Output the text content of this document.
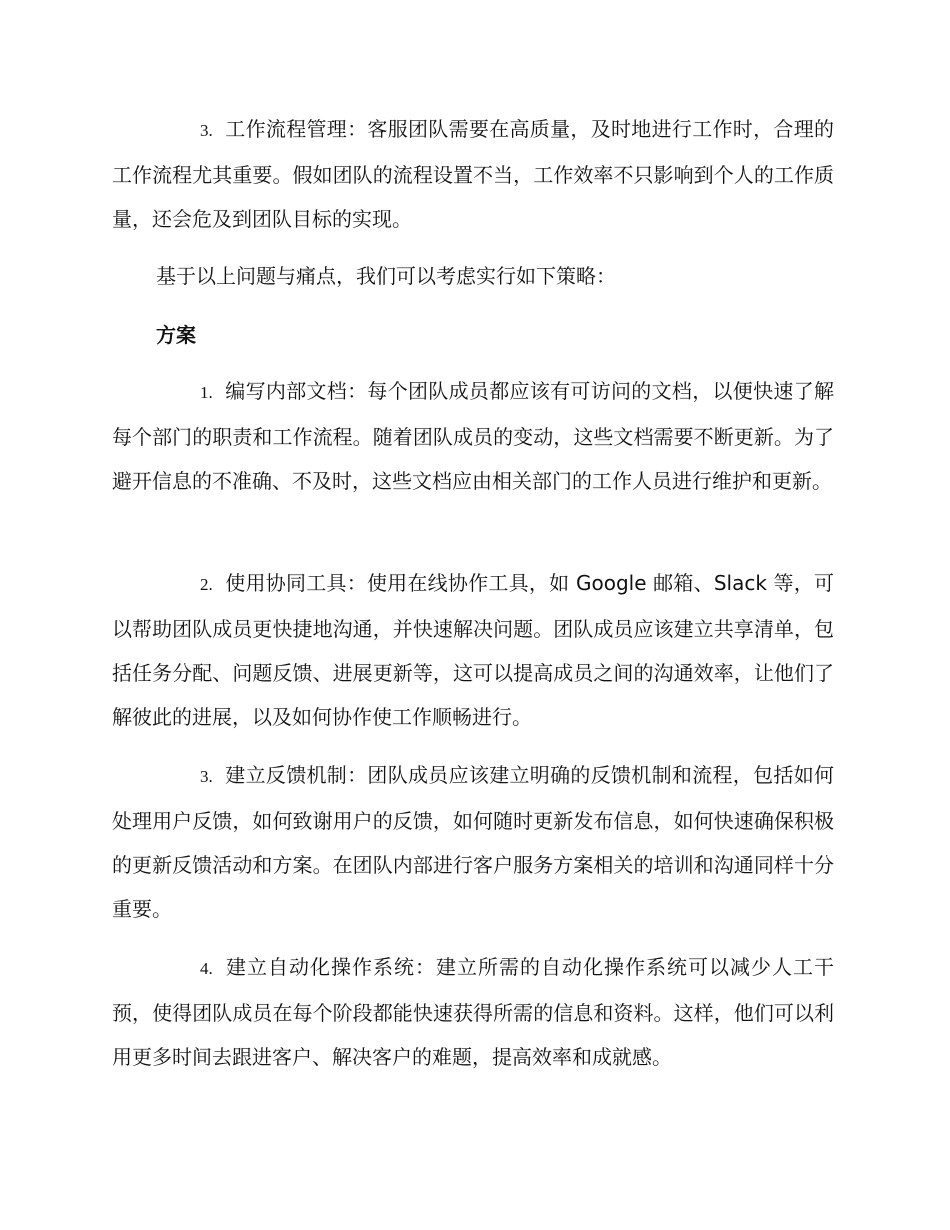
3. 工作流程管理：客服团队需要在高质量，及时地进行工作时，合理的工作流程尤其重要。假如团队的流程设置不当，工作效率不只影响到个人的工作质量，还会危及到团队目标的实现。

基于以上问题与痛点，我们可以考虑实行如下策略：

方案

1. 编写内部文档：每个团队成员都应该有可访问的文档，以便快速了解每个部门的职责和工作流程。随着团队成员的变动，这些文档需要不断更新。为了避开信息的不准确、不及时，这些文档应由相关部门的工作人员进行维护和更新。

2. 使用协同工具：使用在线协作工具，如 Google 邮箱、Slack 等，可以帮助团队成员更快捷地沟通，并快速解决问题。团队成员应该建立共享清单，包括任务分配、问题反馈、进展更新等，这可以提高成员之间的沟通效率，让他们了解彼此的进展，以及如何协作使工作顺畅进行。

3. 建立反馈机制：团队成员应该建立明确的反馈机制和流程，包括如何处理用户反馈，如何致谢用户的反馈，如何随时更新发布信息，如何快速确保积极的更新反馈活动和方案。在团队内部进行客户服务方案相关的培训和沟通同样十分重要。

4. 建立自动化操作系统：建立所需的自动化操作系统可以减少人工干预，使得团队成员在每个阶段都能快速获得所需的信息和资料。这样，他们可以利用更多时间去跟进客户、解决客户的难题，提高效率和成就感。
